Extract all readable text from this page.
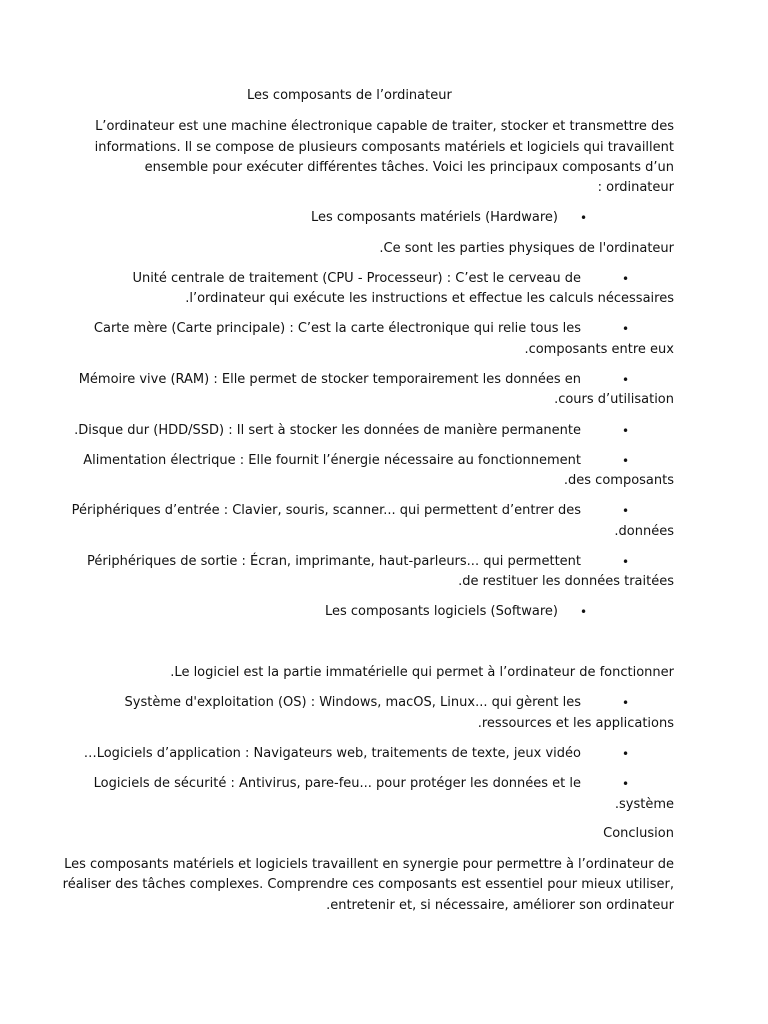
Les composants de l’ordinateur
L’ordinateur est une machine électronique capable de traiter, stocker et transmettre des
informations. Il se compose de plusieurs composants matériels et logiciels qui travaillent
ensemble pour exécuter différentes tâches. Voici les principaux composants d’un
: ordinateur
•
Les composants matériels (Hardware)
.Ce sont les parties physiques de l'ordinateur
•
Unité centrale de traitement (CPU - Processeur) : C’est le cerveau de
.l’ordinateur qui exécute les instructions et effectue les calculs nécessaires
•
Carte mère (Carte principale) : C’est la carte électronique qui relie tous les
.composants entre eux
•
Mémoire vive (RAM) : Elle permet de stocker temporairement les données en
.cours d’utilisation
•
.Disque dur (HDD/SSD) : Il sert à stocker les données de manière permanente
•
Alimentation électrique : Elle fournit l’énergie nécessaire au fonctionnement
.des composants
•
Périphériques d’entrée : Clavier, souris, scanner... qui permettent d’entrer des
.données
•
Périphériques de sortie : Écran, imprimante, haut-parleurs... qui permettent
.de restituer les données traitées
•
Les composants logiciels (Software)
.Le logiciel est la partie immatérielle qui permet à l’ordinateur de fonctionner
•
Système d'exploitation (OS) : Windows, macOS, Linux... qui gèrent les
.ressources et les applications
•
…Logiciels d’application : Navigateurs web, traitements de texte, jeux vidéo
•
Logiciels de sécurité : Antivirus, pare-feu... pour protéger les données et le
.système
Conclusion
Les composants matériels et logiciels travaillent en synergie pour permettre à l’ordinateur de
réaliser des tâches complexes. Comprendre ces composants est essentiel pour mieux utiliser,
.entretenir et, si nécessaire, améliorer son ordinateur
